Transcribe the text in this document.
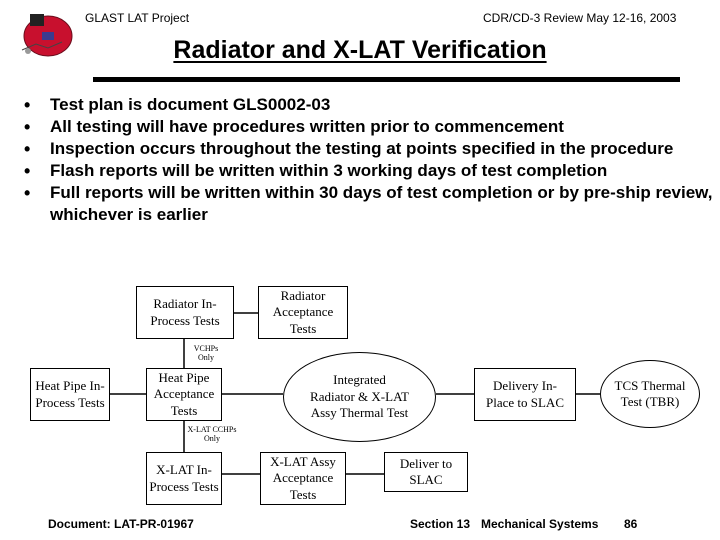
GLAST LAT Project	CDR/CD-3 Review May 12-16, 2003
Radiator and X-LAT Verification
• Test plan is document GLS0002-03
• All testing will have procedures written prior to commencement
• Inspection occurs throughout the testing at points specified in the procedure
• Flash reports will be written within 3 working days of test completion
• Full reports will be written within 30 days of test completion or by pre-ship review, whichever is earlier
Radiator In-Process Tests
Radiator Acceptance Tests
VCHPs Only
Heat Pipe In-Process Tests
Heat Pipe Acceptance Tests
Integrated Radiator & X-LAT Assy Thermal Test
Delivery In-Place to SLAC
TCS Thermal Test (TBR)
X-LAT CCHPs Only
X-LAT In-Process Tests
X-LAT Assy Acceptance Tests
Deliver to SLAC
Document: LAT-PR-01967	Section 13 Mechanical Systems 86
